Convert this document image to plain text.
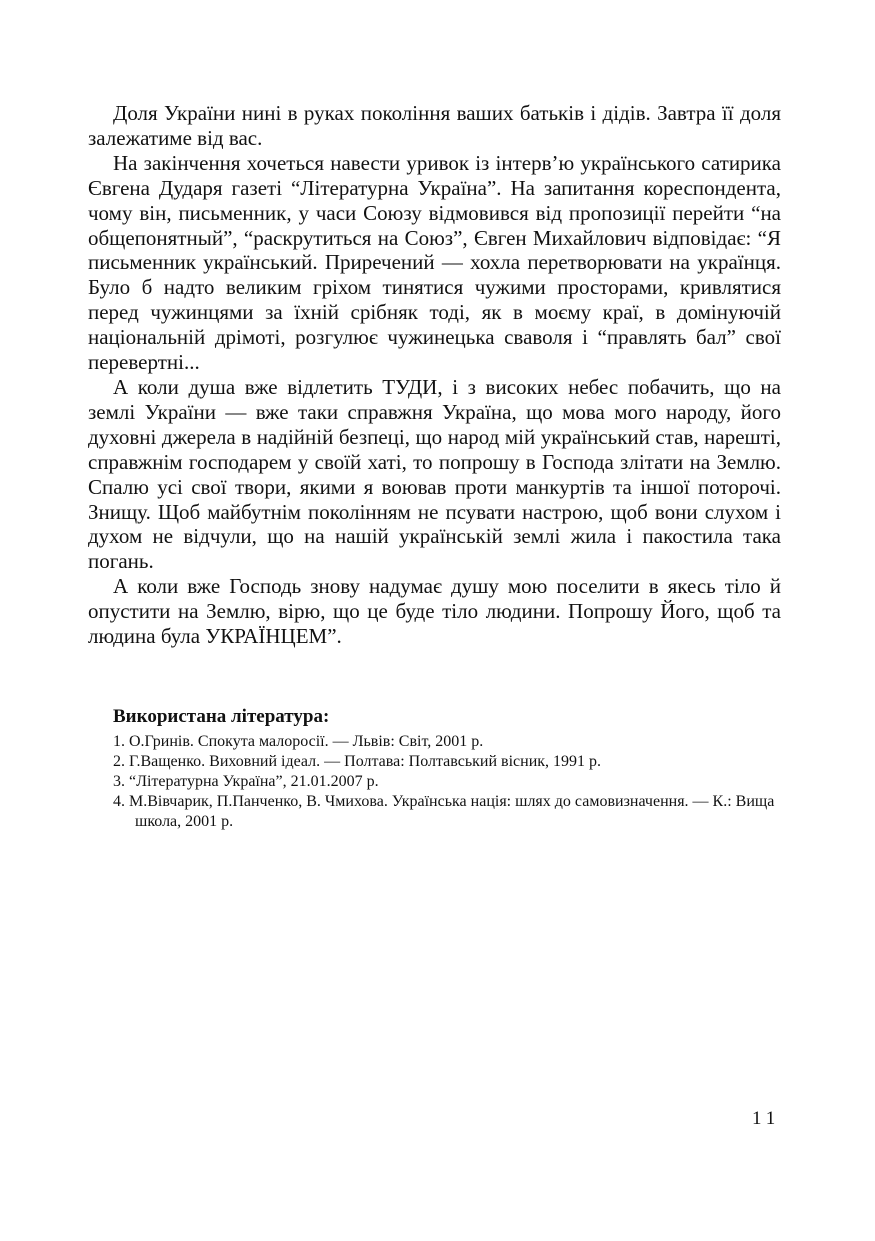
Доля України нині в руках покоління ваших батьків і дідів. Завтра її доля залежатиме від вас.

На закінчення хочеться навести уривок із інтерв’ю українського сатирика Євгена Дударя газеті “Літературна Україна”. На запитання кореспондента, чому він, письменник, у часи Союзу відмовився від пропозиції перейти “на общепонятный”, “раскрутиться на Союз”, Євген Михайлович відповідає: “Я письменник український. Приречений — хохла перетворювати на українця. Було б надто великим гріхом тинятися чужими просторами, кривлятися перед чужинцями за їхній срібняк тоді, як в моєму краї, в домінуючій національній дрімоті, розгулює чужинецька сваволя і “правлять бал” свої перевертні...

А коли душа вже відлетить ТУДИ, і з високих небес побачить, що на землі України — вже таки справжня Україна, що мова мого народу, його духовні джерела в надійній безпеці, що народ мій український став, нарешті, справжнім господарем у своїй хаті, то попрошу в Господа злітати на Землю. Спалю усі свої твори, якими я воював проти манкуртів та іншої поторочі. Знищу. Щоб майбутнім поколінням не псувати настрою, щоб вони слухом і духом не відчули, що на нашій українській землі жила і пакостила така погань.

А коли вже Господь знову надумає душу мою поселити в якесь тіло й опустити на Землю, вірю, що це буде тіло людини. Попрошу Його, щоб та людина була УКРАЇНЦЕМ”.

Використана література:
1. О.Гринів. Спокута малоросії. — Львів: Світ, 2001 р.
2. Г.Ващенко. Виховний ідеал. — Полтава: Полтавський вісник, 1991 р.
3. “Літературна Україна”, 21.01.2007 р.
4. М.Вівчарик, П.Панченко, В. Чмихова. Українська нація: шлях до самовизначення. — К.: Вища школа, 2001 р.
11
